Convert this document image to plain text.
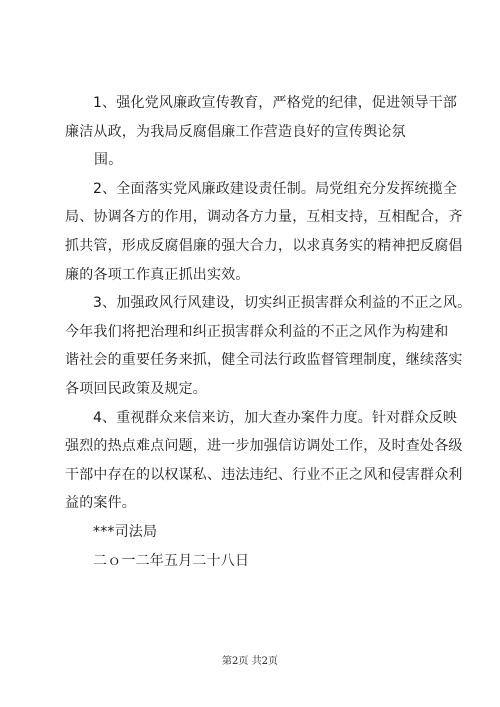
1、强化党风廉政宣传教育，严格党的纪律，促进领导干部
廉洁从政，为我局反腐倡廉工作营造良好的宣传舆论氛
围。
2、全面落实党风廉政建设责任制。局党组充分发挥统揽全
局、协调各方的作用，调动各方力量，互相支持，互相配合，齐
抓共管，形成反腐倡廉的强大合力，以求真务实的精神把反腐倡
廉的各项工作真正抓出实效。
3、加强政风行风建设，切实纠正损害群众利益的不正之风。
今年我们将把治理和纠正损害群众利益的不正之风作为构建和
谐社会的重要任务来抓，健全司法行政监督管理制度，继续落实
各项回民政策及规定。
4、重视群众来信来访，加大查办案件力度。针对群众反映
强烈的热点难点问题，进一步加强信访调处工作，及时查处各级
干部中存在的以权谋私、违法违纪、行业不正之风和侵害群众利
益的案件。
***司法局
二ｏ一二年五月二十八日
第2页 共2页
